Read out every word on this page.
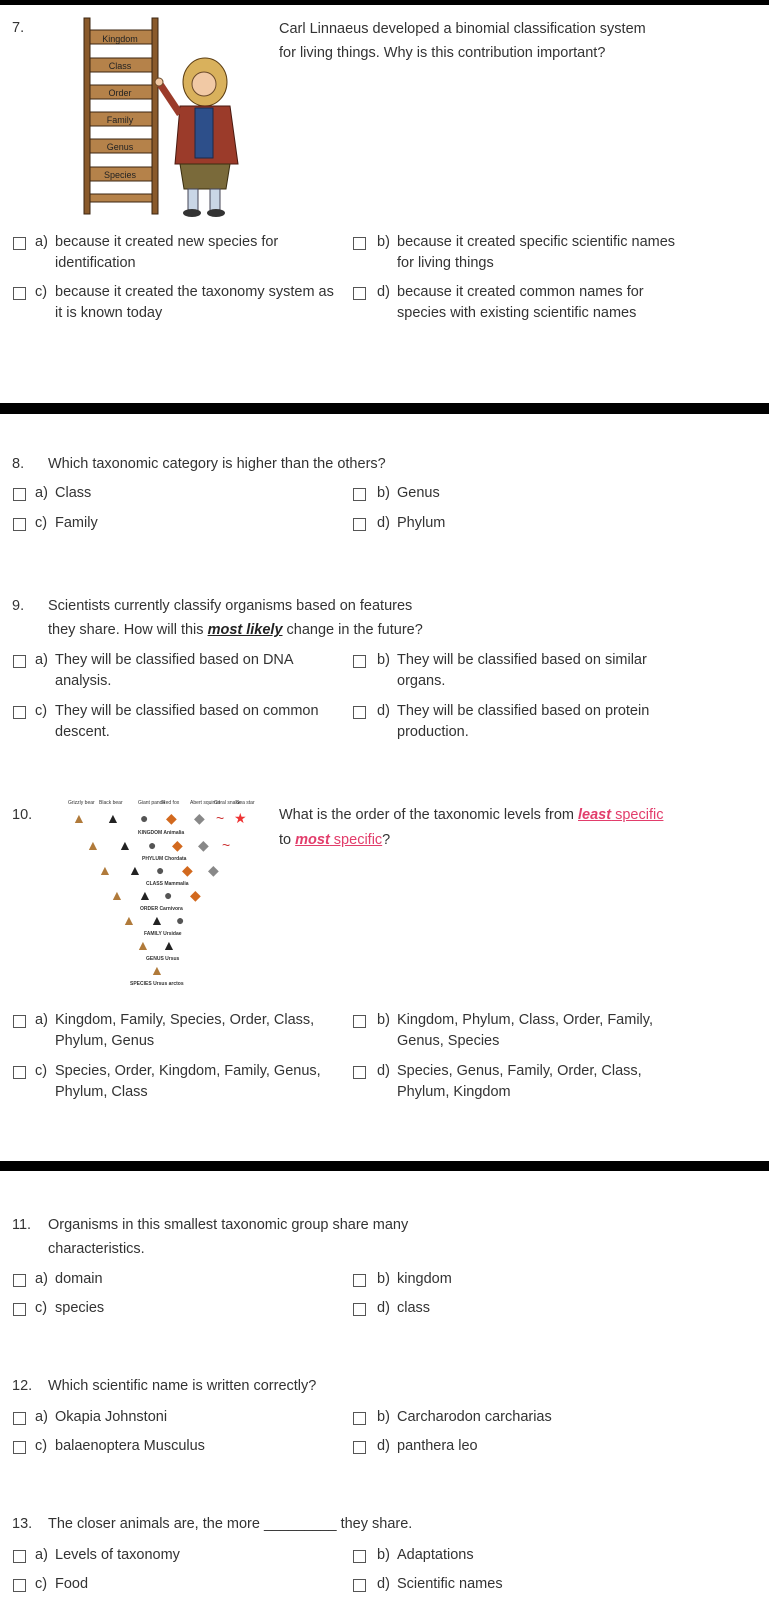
7.
Kingdom
Class
Order
Family
Genus
Species
Carl Linnaeus developed a binomial classification system
for living things. Why is this contribution important?
a) because it created new species for
identification
b) because it created specific scientific names
for living things
c) because it created the taxonomy system as
it is known today
d) because it created common names for
species with existing scientific names
8. Which taxonomic category is higher than the others?
a) Class	b) Genus
c) Family	d) Phylum
9. Scientists currently classify organisms based on features
they share. How will this most likely change in the future?
a) They will be classified based on DNA
analysis.
b) They will be classified based on similar
organs.
c) They will be classified based on common
descent.
d) They will be classified based on protein
production.
10.
Grizzly bear Black bear	Giant panda
Red fox Abert squirrel
Coral snake
Sea star
▲ ▲ ● ◆ ◆ ~ ★
KINGDOM Animalia
▲ ▲ ● ◆ ◆ ~
PHYLUM Chordata
▲ ▲ ● ◆ ◆
CLASS Mammalia
▲ ▲ ● ◆
ORDER Carnivora
▲ ▲ ●
FAMILY Ursidae
▲ ▲
GENUS Ursus
▲
SPECIES Ursus arctos
What is the order of the taxonomic levels from least specific
to most specific?
a) Kingdom, Family, Species, Order, Class,
Phylum, Genus
b) Kingdom, Phylum, Class, Order, Family,
Genus, Species
c) Species, Order, Kingdom, Family, Genus,
Phylum, Class
d) Species, Genus, Family, Order, Class,
Phylum, Kingdom
11. Organisms in this smallest taxonomic group share many
characteristics.
a) domain	b) kingdom
c) species	d) class
12. Which scientific name is written correctly?
a) Okapia Johnstoni	b) Carcharodon carcharias
c) balaenoptera Musculus	d) panthera leo
13. The closer animals are, the more _________ they share.
a) Levels of taxonomy	b) Adaptations
c) Food	d) Scientific names
